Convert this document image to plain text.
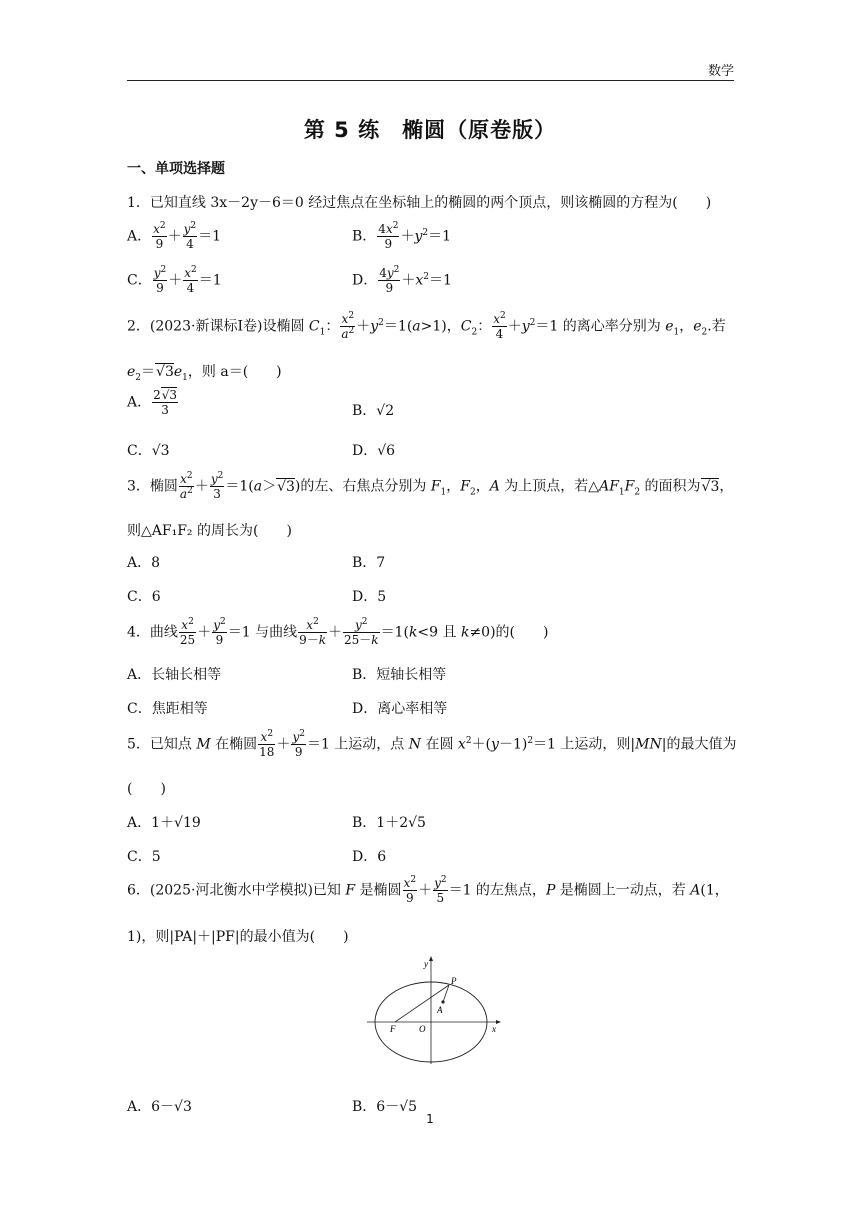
数学
第 5 练　椭圆（原卷版）
一、单项选择题
1．已知直线 3x－2y－6＝0 经过焦点在坐标轴上的椭圆的两个顶点，则该椭圆的方程为(　　)
A． $\frac{x^2}{9} + \frac{y^2}{4} =1$	B． $\frac{4x^2}{9} +y^2=1$
C． $\frac{y^2}{9} + \frac{x^2}{4} =1$	D． $\frac{4y^2}{9} +x^2=1$
2．(2023·新课标Ⅰ卷)设椭圆 $C_1$： $\frac{x^2}{a^2} +y^2=1(a>1)$，$C_2$： $\frac{x^2}{4} +y^2=1$ 的离心率分别为 $e_1$，$e_2$.若
$e_2=√$ $3e_1$，则 a＝(　　)
A． $\frac{2√ 3}{3}$	B．√2
C．√3	D．√6
3．椭圆 $\frac{x^2}{a^2} + \frac{y^2}{3} =1(a>√$ 3)的左、右焦点分别为 $F_1$，$F_2$，A 为上顶点，若$\triangle AF_1F_2$ 的面积为√ 3，
则△AF₁F₂ 的周长为(　　)
A．8	B．7
C．6	D．5
4．曲线 $\frac{x^2}{25} + \frac{y^2}{9} =1$ 与曲线 $\frac{x^2}{9-k} + \frac{y^2}{25-k} =1(k<9$ 且 k≠0)的(　　)
A．长轴长相等	B．短轴长相等
C．焦距相等	D．离心率相等
5．已知点 M 在椭圆 $\frac{x^2}{18} + \frac{y^2}{9} =1$ 上运动，点 N 在圆 $x^2+(y-1)^2=1$ 上运动，则|MN|的最大值为
(　　)
A．1＋√19	B．1＋2√5
C．5	D．6
6．(2025·河北衡水中学模拟)已知 F 是椭圆 $\frac{x^2}{9} + \frac{y^2}{5} =1$ 的左焦点，P 是椭圆上一动点，若 A(1，
1)，则|PA|＋|PF|的最小值为(　　)
y
P
A
F	O	x
A．6－√3	B．6－√5
1
